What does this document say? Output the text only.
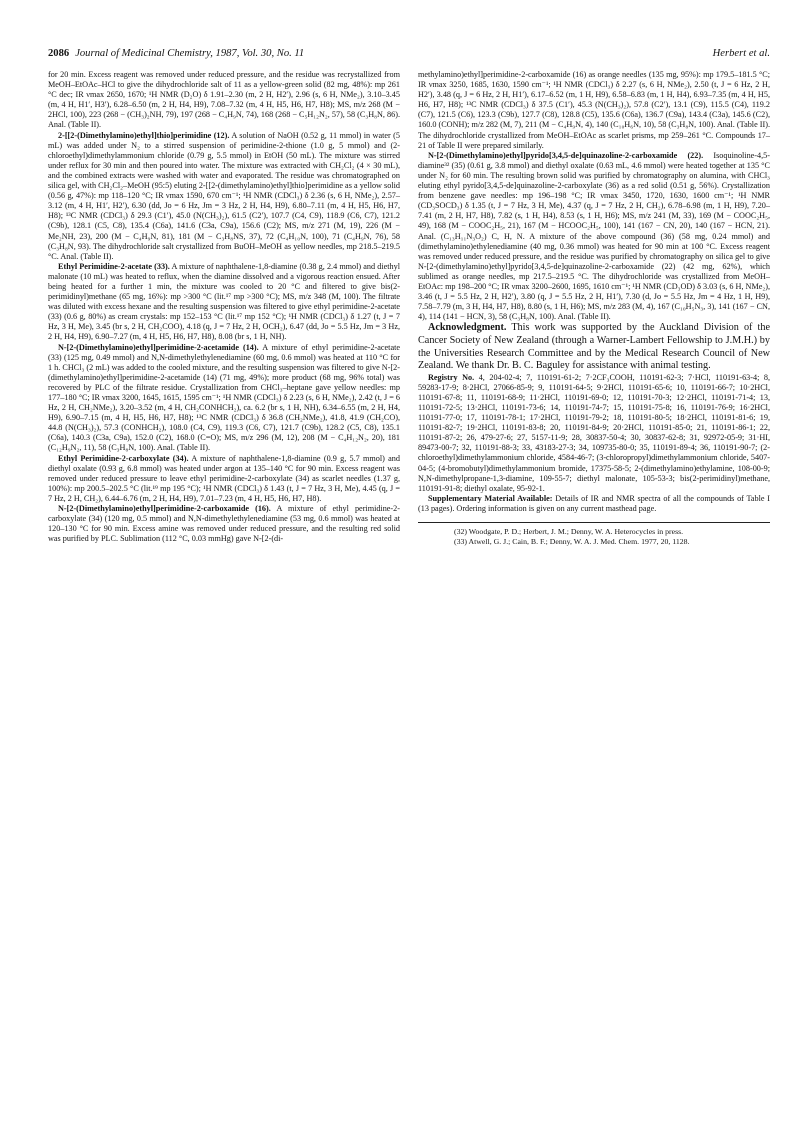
2086 Journal of Medicinal Chemistry, 1987, Vol. 30, No. 11	Herbert et al.

for 20 min. Excess reagent was removed under reduced pressure, and the residue was recrystallized from MeOH–EtOAc–HCl to give the dihydrochloride salt of 11 as a yellow-green solid (82 mg, 48%): mp 261 °C dec; IR νmax 2650, 1670; ¹H NMR (D₂O) δ 1.91–2.30 (m, 2 H, H2′), 2.96 (s, 6 H, NMe₂), 3.10–3.45 (m, 4 H, H1′, H3′), 6.28–6.50 (m, 2 H, H4, H9), 7.08–7.32 (m, 4 H, H5, H6, H7, H8); MS, m/z 268 (M − 2HCl, 100), 223 (268 − (CH₃)₂NH, 79), 197 (268 − C₄H₉N, 74), 168 (268 − C₅H₁₂N₂, 57), 58 (C₃H₈N, 86). Anal. (Table II).

2-[[2-(Dimethylamino)ethyl]thio]perimidine (12). A solution of NaOH (0.52 g, 11 mmol) in water (5 mL) was added under N₂ to a stirred suspension of perimidine-2-thione (1.0 g, 5 mmol) and (2-chloroethyl)dimethylammonium chloride (0.79 g, 5.5 mmol) in EtOH (50 mL). The mixture was stirred under reflux for 30 min and then poured into water. The mixture was extracted with CH₂Cl₂ (4 × 30 mL), and the combined extracts were washed with water and evaporated. The residue was chromatographed on silica gel, with CH₂Cl₂–MeOH (95:5) eluting 2-[[2-(dimethylamino)ethyl]thio]perimidine as a yellow solid (0.56 g, 47%): mp 118–120 °C; IR νmax 1590, 670 cm⁻¹; ¹H NMR (CDCl₃) δ 2.36 (s, 6 H, NMe₂), 2.57–3.12 (m, 4 H, H1′, H2′), 6.30 (dd, Jo = 6 Hz, Jm = 3 Hz, 2 H, H4, H9), 6.80–7.11 (m, 4 H, H5, H6, H7, H8); ¹³C NMR (CDCl₃) δ 29.3 (C1′), 45.0 (N(CH₃)₂), 61.5 (C2′), 107.7 (C4, C9), 118.9 (C6, C7), 121.2 (C9b), 128.1 (C5, C8), 135.4 (C6a), 141.6 (C3a, C9a), 156.6 (C2); MS, m/z 271 (M, 19), 226 (M − Me₂NH, 23), 200 (M − C₄H₉N, 81), 181 (M − C₃H₈NS, 37), 72 (C₄H₁₀N, 100), 71 (C₄H₉N, 76), 58 (C₃H₈N, 93). The dihydrochloride salt crystallized from BuOH–MeOH as yellow needles, mp 218.5–219.5 °C. Anal. (Table II).

Ethyl Perimidine-2-acetate (33). A mixture of naphthalene-1,8-diamine (0.38 g, 2.4 mmol) and diethyl malonate (10 mL) was heated to reflux, when the diamine dissolved and a vigorous reaction ensued. After being heated for a further 1 min, the mixture was cooled to 20 °C and filtered to give bis(2-perimidinyl)methane (65 mg, 16%): mp >300 °C (lit.¹⁷ mp >300 °C); MS, m/z 348 (M, 100). The filtrate was diluted with excess hexane and the resulting suspension was filtered to give ethyl perimidine-2-acetate (33) (0.6 g, 80%) as cream crystals: mp 152–153 °C (lit.¹⁷ mp 152 °C); ¹H NMR (CDCl₃) δ 1.27 (t, J = 7 Hz, 3 H, Me), 3.45 (br s, 2 H, CH₂COO), 4.18 (q, J = 7 Hz, 2 H, OCH₂), 6.47 (dd, Jo = 5.5 Hz, Jm = 3 Hz, 2 H, H4, H9), 6.90–7.27 (m, 4 H, H5, H6, H7, H8), 8.08 (br s, 1 H, NH).

N-[2-(Dimethylamino)ethyl]perimidine-2-acetamide (14). A mixture of ethyl perimidine-2-acetate (33) (125 mg, 0.49 mmol) and N,N-dimethylethylenediamine (60 mg, 0.6 mmol) was heated at 110 °C for 1 h. CHCl₃ (2 mL) was added to the cooled mixture, and the resulting suspension was filtered to give N-[2-(dimethylamino)ethyl]perimidine-2-acetamide (14) (71 mg, 49%); more product (68 mg, 96% total) was recovered by PLC of the filtrate residue. Crystallization from CHCl₃–heptane gave yellow needles: mp 177–180 °C; IR νmax 3200, 1645, 1615, 1595 cm⁻¹; ¹H NMR (CDCl₃) δ 2.23 (s, 6 H, NMe₂), 2.42 (t, J = 6 Hz, 2 H, CH₂NMe₂), 3.20–3.52 (m, 4 H, CH₂CONHCH₂), ca. 6.2 (br s, 1 H, NH), 6.34–6.55 (m, 2 H, H4, H9), 6.90–7.15 (m, 4 H, H5, H6, H7, H8); ¹³C NMR (CDCl₃) δ 36.8 (CH₂NMe₂), 41.8, 41.9 (CH₂CO), 44.8 (N(CH₃)₂), 57.3 (CONHCH₂), 108.0 (C4, C9), 119.3 (C6, C7), 121.7 (C9b), 128.2 (C5, C8), 135.1 (C6a), 140.3 (C3a, C9a), 152.0 (C2), 168.0 (C=O); MS, m/z 296 (M, 12), 208 (M − C₄H₁₂N₂, 20), 181 (C₁₂H₉N₂, 11), 58 (C₃H₈N, 100). Anal. (Table II).

Ethyl Perimidine-2-carboxylate (34). A mixture of naphthalene-1,8-diamine (0.9 g, 5.7 mmol) and diethyl oxalate (0.93 g, 6.8 mmol) was heated under argon at 135–140 °C for 90 min. Excess reagent was removed under reduced pressure to leave ethyl perimidine-2-carboxylate (34) as scarlet needles (1.37 g, 100%): mp 200.5–202.5 °C (lit.¹⁹ mp 195 °C); ¹H NMR (CDCl₃) δ 1.43 (t, J = 7 Hz, 3 H, Me), 4.45 (q, J = 7 Hz, 2 H, CH₂), 6.44–6.76 (m, 2 H, H4, H9), 7.01–7.23 (m, 4 H, H5, H6, H7, H8).

N-[2-(Dimethylamino)ethyl]perimidine-2-carboxamide (16). A mixture of ethyl perimidine-2-carboxylate (34) (120 mg, 0.5 mmol) and N,N-dimethylethylenediamine (53 mg, 0.6 mmol) was heated at 120–130 °C for 90 min. Excess amine was removed under reduced pressure, and the resulting red solid was purified by PLC. Sublimation (112 °C, 0.03 mmHg) gave N-[2-(di-

methylamino)ethyl]perimidine-2-carboxamide (16) as orange needles (135 mg, 95%): mp 179.5–181.5 °C; IR νmax 3250, 1685, 1630, 1590 cm⁻¹; ¹H NMR (CDCl₃) δ 2.27 (s, 6 H, NMe₂), 2.50 (t, J = 6 Hz, 2 H, H2′), 3.48 (q, J = 6 Hz, 2 H, H1′), 6.17–6.52 (m, 1 H, H9), 6.58–6.83 (m, 1 H, H4), 6.93–7.35 (m, 4 H, H5, H6, H7, H8); ¹³C NMR (CDCl₃) δ 37.5 (C1′), 45.3 (N(CH₃)₂), 57.8 (C2′), 13.1 (C9), 115.5 (C4), 119.2 (C7), 121.5 (C6), 123.3 (C9b), 127.7 (C8), 128.8 (C5), 135.6 (C6a), 136.7 (C9a), 143.4 (C3a), 145.6 (C2), 160.0 (CONH); m/z 282 (M, 7), 211 (M − C₄H₉N, 4), 140 (C₁₀H₆N, 10), 58 (C₃H₈N, 100). Anal. (Table II). The dihydrochloride crystallized from MeOH–EtOAc as scarlet prisms, mp 259–261 °C. Compounds 17–21 of Table II were prepared similarly.

N-[2-(Dimethylamino)ethyl]pyrido[3,4,5-de]quinazoline-2-carboxamide (22). Isoquinoline-4,5-diamine³² (35) (0.61 g, 3.8 mmol) and diethyl oxalate (0.63 mL, 4.6 mmol) were heated together at 135 °C under N₂ for 60 min. The resulting brown solid was purified by chromatography on alumina, with CHCl₃ eluting ethyl pyrido[3,4,5-de]quinazoline-2-carboxylate (36) as a red solid (0.51 g, 56%). Crystallization from benzene gave needles: mp 196–198 °C; IR νmax 3450, 1720, 1630, 1600 cm⁻¹; ¹H NMR (CD₃SOCD₃) δ 1.35 (t, J = 7 Hz, 3 H, Me), 4.37 (q, J = 7 Hz, 2 H, CH₂), 6.78–6.98 (m, 1 H, H9), 7.20–7.41 (m, 2 H, H7, H8), 7.82 (s, 1 H, H4), 8.53 (s, 1 H, H6); MS, m/z 241 (M, 33), 169 (M − COOC₂H₅, 49), 168 (M − COOC₂H₅, 21), 167 (M − HCOOC₂H₅, 100), 141 (167 − CN, 20), 140 (167 − HCN, 21). Anal. (C₁₃H₁₁N₃O₂) C, H, N. A mixture of the above compound (36) (58 mg, 0.24 mmol) and (dimethylamino)ethylenediamine (40 mg, 0.36 mmol) was heated for 90 min at 100 °C. Excess reagent was removed under reduced pressure, and the residue was purified by chromatography on silica gel to give N-[2-(dimethylamino)ethyl]pyrido[3,4,5-de]quinazoline-2-carboxamide (22) (42 mg, 62%), which sublimed as orange needles, mp 217.5–219.5 °C. The dihydrochloride was crystallized from MeOH–EtOAc: mp 198–200 °C; IR νmax 3200–2600, 1695, 1610 cm⁻¹; ¹H NMR (CD₃OD) δ 3.03 (s, 6 H, NMe₂), 3.46 (t, J = 5.5 Hz, 2 H, H2′), 3.80 (q, J = 5.5 Hz, 2 H, H1′), 7.30 (d, Jo = 5.5 Hz, Jm = 4 Hz, 1 H, H9), 7.58–7.79 (m, 3 H, H4, H7, H8), 8.80 (s, 1 H, H6); MS, m/z 283 (M, 4), 167 (C₁₀H₅N₃, 3), 141 (167 − CN, 4), 114 (141 − HCN, 3), 58 (C₃H₈N, 100). Anal. (Table II).

Acknowledgment. This work was supported by the Auckland Division of the Cancer Society of New Zealand (through a Warner-Lambert Fellowship to J.M.H.) by the Universities Research Committee and by the Medical Research Council of New Zealand. We thank Dr. B. C. Baguley for assistance with animal testing.

Registry No. 4, 204-02-4; 7, 110191-61-2; 7·2CF₃COOH, 110191-62-3; 7·HCl, 110191-63-4; 8, 59283-17-9; 8·2HCl, 27066-85-9; 9, 110191-64-5; 9·2HCl, 110191-65-6; 10, 110191-66-7; 10·2HCl, 110191-67-8; 11, 110191-68-9; 11·2HCl, 110191-69-0; 12, 110191-70-3; 12·2HCl, 110191-71-4; 13, 110191-72-5; 13·2HCl, 110191-73-6; 14, 110191-74-7; 15, 110191-75-8; 16, 110191-76-9; 16·2HCl, 110191-77-0; 17, 110191-78-1; 17·2HCl, 110191-79-2; 18, 110191-80-5; 18·2HCl, 110191-81-6; 19, 110191-82-7; 19·2HCl, 110191-83-8; 20, 110191-84-9; 20·2HCl, 110191-85-0; 21, 110191-86-1; 22, 110191-87-2; 26, 479-27-6; 27, 5157-11-9; 28, 30837-50-4; 30, 30837-62-8; 31, 92972-05-9; 31·HI, 89473-00-7; 32, 110191-88-3; 33, 43183-27-3; 34, 109735-80-0; 35, 110191-89-4; 36, 110191-90-7; (2-chloroethyl)dimethylammonium chloride, 4584-46-7; (3-chloropropyl)dimethylammonium chloride, 5407-04-5; (4-bromobutyl)dimethylammonium bromide, 17375-58-5; 2-(dimethylamino)ethylamine, 108-00-9; N,N-dimethylpropane-1,3-diamine, 109-55-7; diethyl malonate, 105-53-3; bis(2-perimidinyl)methane, 110191-91-8; diethyl oxalate, 95-92-1.

Supplementary Material Available: Details of IR and NMR spectra of all the compounds of Table I (13 pages). Ordering information is given on any current masthead page.

(32) Woodgate, P. D.; Herbert, J. M.; Denny, W. A. Heterocycles in press.

(33) Atwell, G. J.; Cain, B. F.; Denny, W. A. J. Med. Chem. 1977, 20, 1128.
